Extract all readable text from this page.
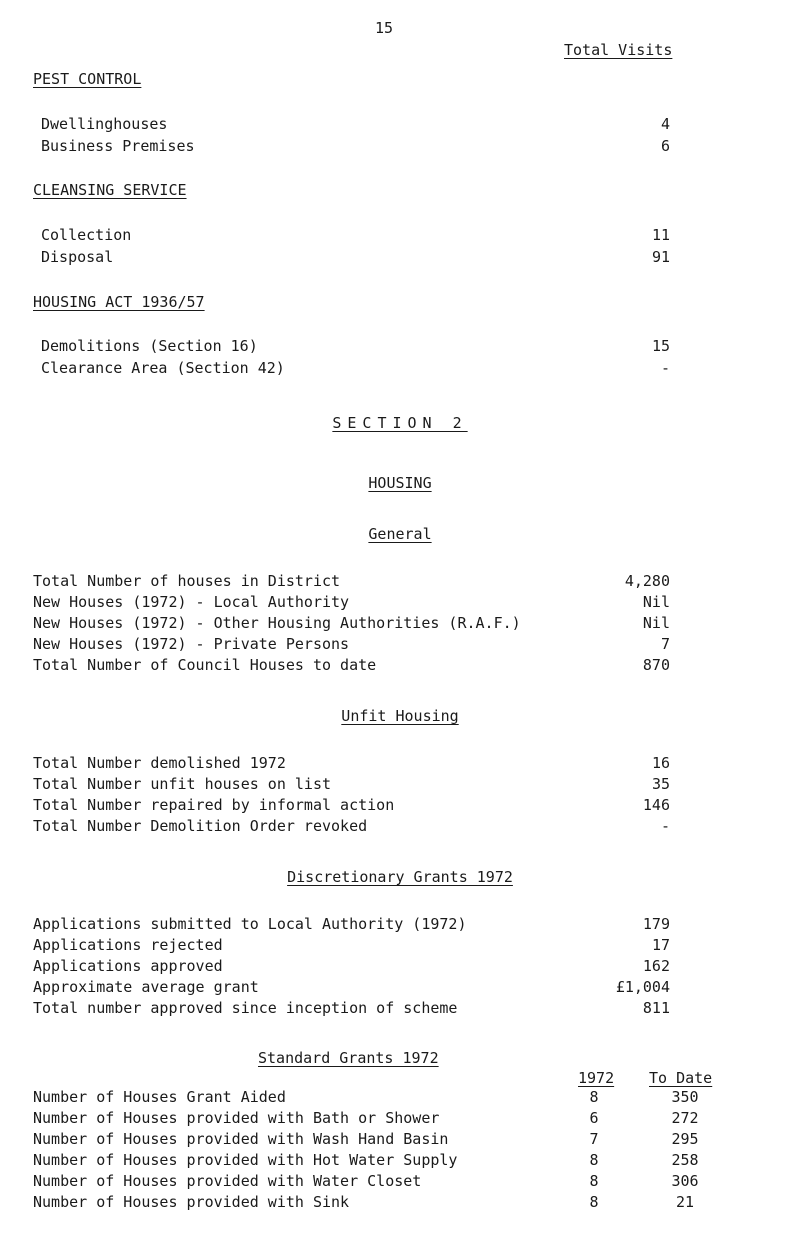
15
Total Visits
PEST CONTROL
Dwellinghouses	4
Business Premises	6
CLEANSING SERVICE
Collection	11
Disposal	91
HOUSING ACT 1936/57
Demolitions (Section 16)	15
Clearance Area (Section 42)	-
SECTION 2
HOUSING
General
Total Number of houses in District	4,280
New Houses (1972) - Local Authority	Nil
New Houses (1972) - Other Housing Authorities (R.A.F.)	Nil
New Houses (1972) - Private Persons	7
Total Number of Council Houses to date	870
Unfit Housing
Total Number demolished 1972	16
Total Number unfit houses on list	35
Total Number repaired by informal action	146
Total Number Demolition Order revoked	-
Discretionary Grants 1972
Applications submitted to Local Authority (1972)	179
Applications rejected	17
Applications approved	162
Approximate average grant	£1,004
Total number approved since inception of scheme	811
Standard Grants 1972
1972 To Date
Number of Houses Grant Aided	8	350
Number of Houses provided with Bath or Shower	6	272
Number of Houses provided with Wash Hand Basin	7	295
Number of Houses provided with Hot Water Supply	8	258
Number of Houses provided with Water Closet	8	306
Number of Houses provided with Sink	8	21
